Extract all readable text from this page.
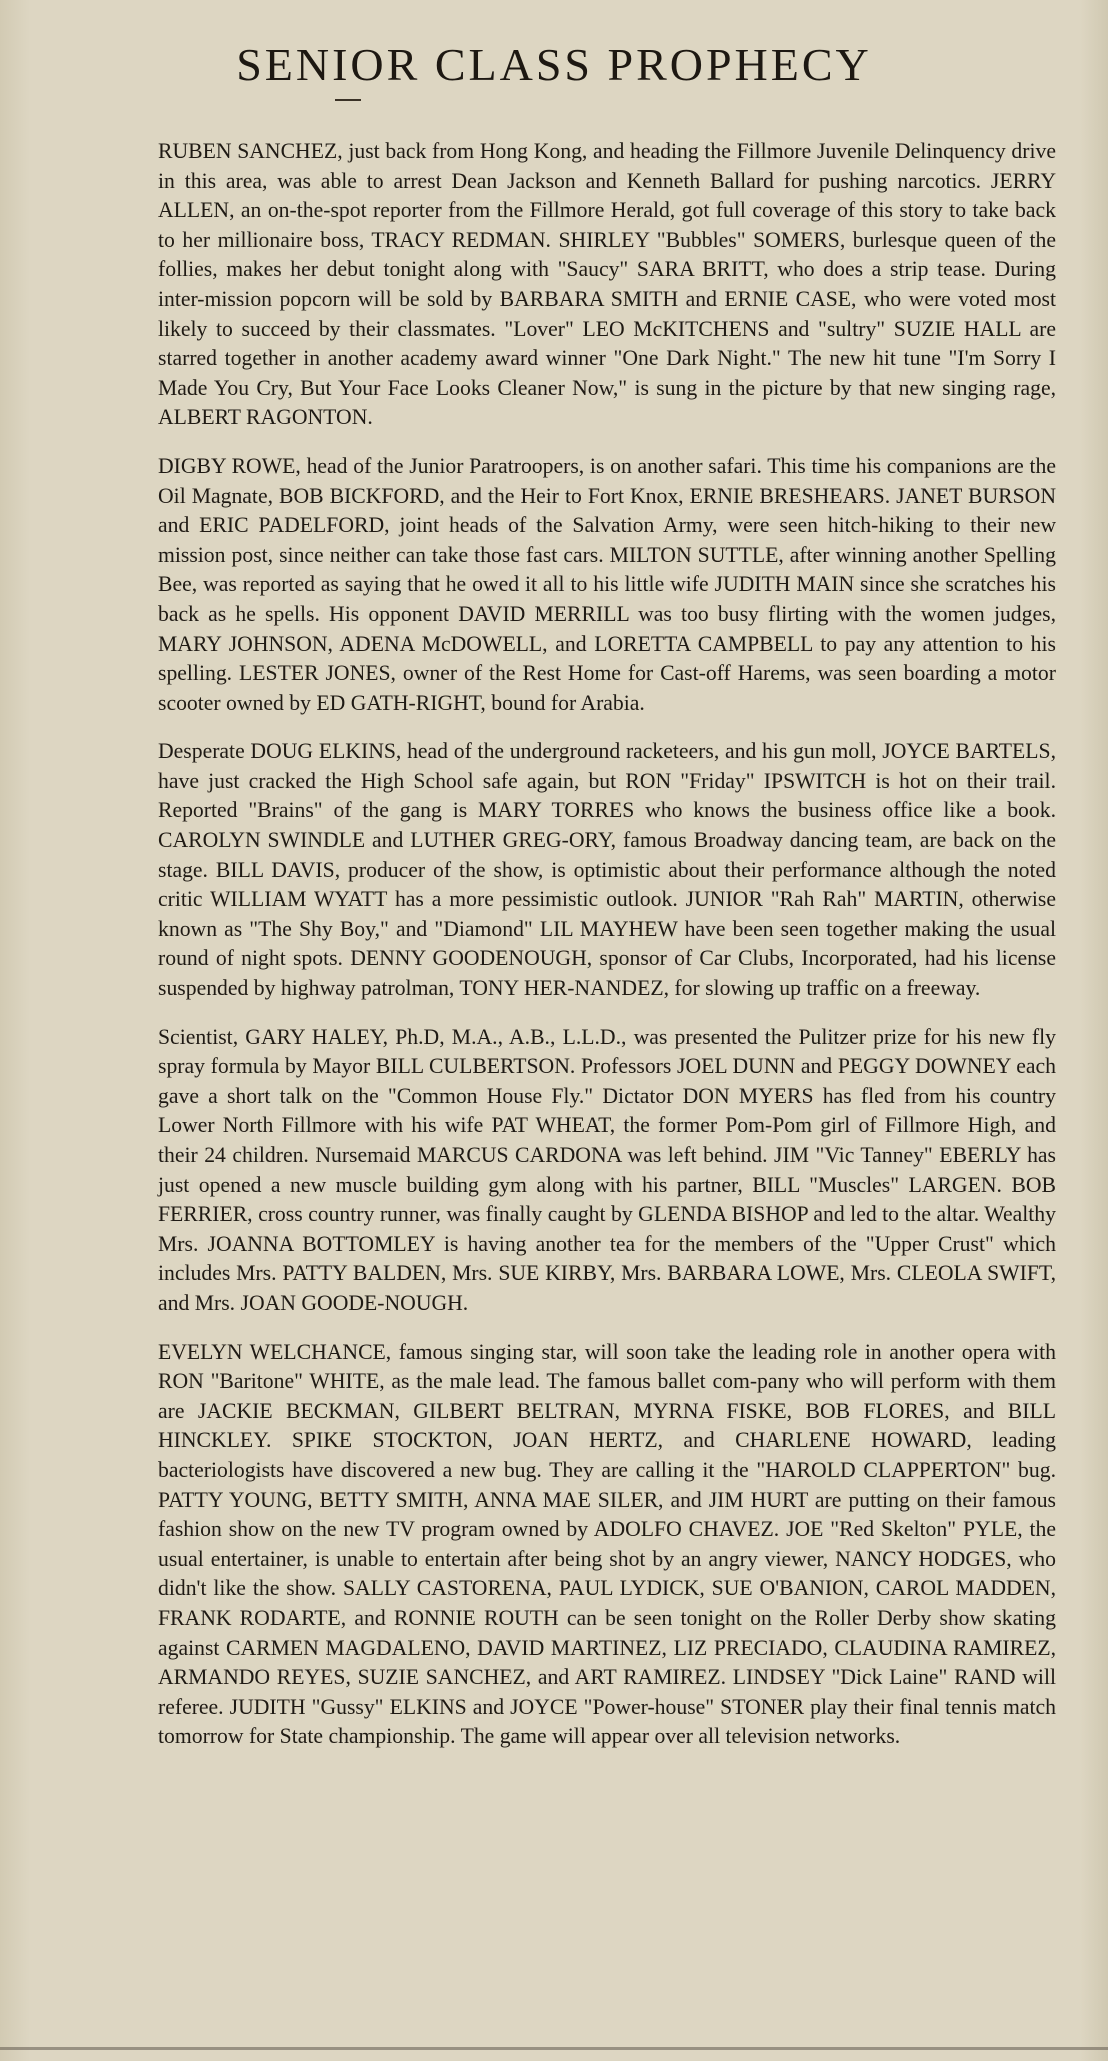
SENIOR CLASS PROPHECY

RUBEN SANCHEZ, just back from Hong Kong, and heading the Fillmore Juvenile Delinquency drive in this area, was able to arrest Dean Jackson and Kenneth Ballard for pushing narcotics. JERRY ALLEN, an on-the-spot reporter from the Fillmore Herald, got full coverage of this story to take back to her millionaire boss, TRACY REDMAN. SHIRLEY "Bubbles" SOMERS, burlesque queen of the follies, makes her debut tonight along with "Saucy" SARA BRITT, who does a strip tease. During inter-mission popcorn will be sold by BARBARA SMITH and ERNIE CASE, who were voted most likely to succeed by their classmates. "Lover" LEO McKITCHENS and "sultry" SUZIE HALL are starred together in another academy award winner "One Dark Night." The new hit tune "I'm Sorry I Made You Cry, But Your Face Looks Cleaner Now," is sung in the picture by that new singing rage, ALBERT RAGONTON.

DIGBY ROWE, head of the Junior Paratroopers, is on another safari. This time his companions are the Oil Magnate, BOB BICKFORD, and the Heir to Fort Knox, ERNIE BRESHEARS. JANET BURSON and ERIC PADELFORD, joint heads of the Salvation Army, were seen hitch-hiking to their new mission post, since neither can take those fast cars. MILTON SUTTLE, after winning another Spelling Bee, was reported as saying that he owed it all to his little wife JUDITH MAIN since she scratches his back as he spells. His opponent DAVID MERRILL was too busy flirting with the women judges, MARY JOHNSON, ADENA McDOWELL, and LORETTA CAMPBELL to pay any attention to his spelling. LESTER JONES, owner of the Rest Home for Cast-off Harems, was seen boarding a motor scooter owned by ED GATH-RIGHT, bound for Arabia.

Desperate DOUG ELKINS, head of the underground racketeers, and his gun moll, JOYCE BARTELS, have just cracked the High School safe again, but RON "Friday" IPSWITCH is hot on their trail. Reported "Brains" of the gang is MARY TORRES who knows the business office like a book. CAROLYN SWINDLE and LUTHER GREG-ORY, famous Broadway dancing team, are back on the stage. BILL DAVIS, producer of the show, is optimistic about their performance although the noted critic WILLIAM WYATT has a more pessimistic outlook. JUNIOR "Rah Rah" MARTIN, otherwise known as "The Shy Boy," and "Diamond" LIL MAYHEW have been seen together making the usual round of night spots. DENNY GOODENOUGH, sponsor of Car Clubs, Incorporated, had his license suspended by highway patrolman, TONY HER-NANDEZ, for slowing up traffic on a freeway.

Scientist, GARY HALEY, Ph.D, M.A., A.B., L.L.D., was presented the Pulitzer prize for his new fly spray formula by Mayor BILL CULBERTSON. Professors JOEL DUNN and PEGGY DOWNEY each gave a short talk on the "Common House Fly." Dictator DON MYERS has fled from his country Lower North Fillmore with his wife PAT WHEAT, the former Pom-Pom girl of Fillmore High, and their 24 children. Nursemaid MARCUS CARDONA was left behind. JIM "Vic Tanney" EBERLY has just opened a new muscle building gym along with his partner, BILL "Muscles" LARGEN. BOB FERRIER, cross country runner, was finally caught by GLENDA BISHOP and led to the altar. Wealthy Mrs. JOANNA BOTTOMLEY is having another tea for the members of the "Upper Crust" which includes Mrs. PATTY BALDEN, Mrs. SUE KIRBY, Mrs. BARBARA LOWE, Mrs. CLEOLA SWIFT, and Mrs. JOAN GOODE-NOUGH.

EVELYN WELCHANCE, famous singing star, will soon take the leading role in another opera with RON "Baritone" WHITE, as the male lead. The famous ballet com-pany who will perform with them are JACKIE BECKMAN, GILBERT BELTRAN, MYRNA FISKE, BOB FLORES, and BILL HINCKLEY. SPIKE STOCKTON, JOAN HERTZ, and CHARLENE HOWARD, leading bacteriologists have discovered a new bug. They are calling it the "HAROLD CLAPPERTON" bug. PATTY YOUNG, BETTY SMITH, ANNA MAE SILER, and JIM HURT are putting on their famous fashion show on the new TV program owned by ADOLFO CHAVEZ. JOE "Red Skelton" PYLE, the usual entertainer, is unable to entertain after being shot by an angry viewer, NANCY HODGES, who didn't like the show. SALLY CASTORENA, PAUL LYDICK, SUE O'BANION, CAROL MADDEN, FRANK RODARTE, and RONNIE ROUTH can be seen tonight on the Roller Derby show skating against CARMEN MAGDALENO, DAVID MARTINEZ, LIZ PRECIADO, CLAUDINA RAMIREZ, ARMANDO REYES, SUZIE SANCHEZ, and ART RAMIREZ. LINDSEY "Dick Laine" RAND will referee. JUDITH "Gussy" ELKINS and JOYCE "Power-house" STONER play their final tennis match tomorrow for State championship. The game will appear over all television networks.
